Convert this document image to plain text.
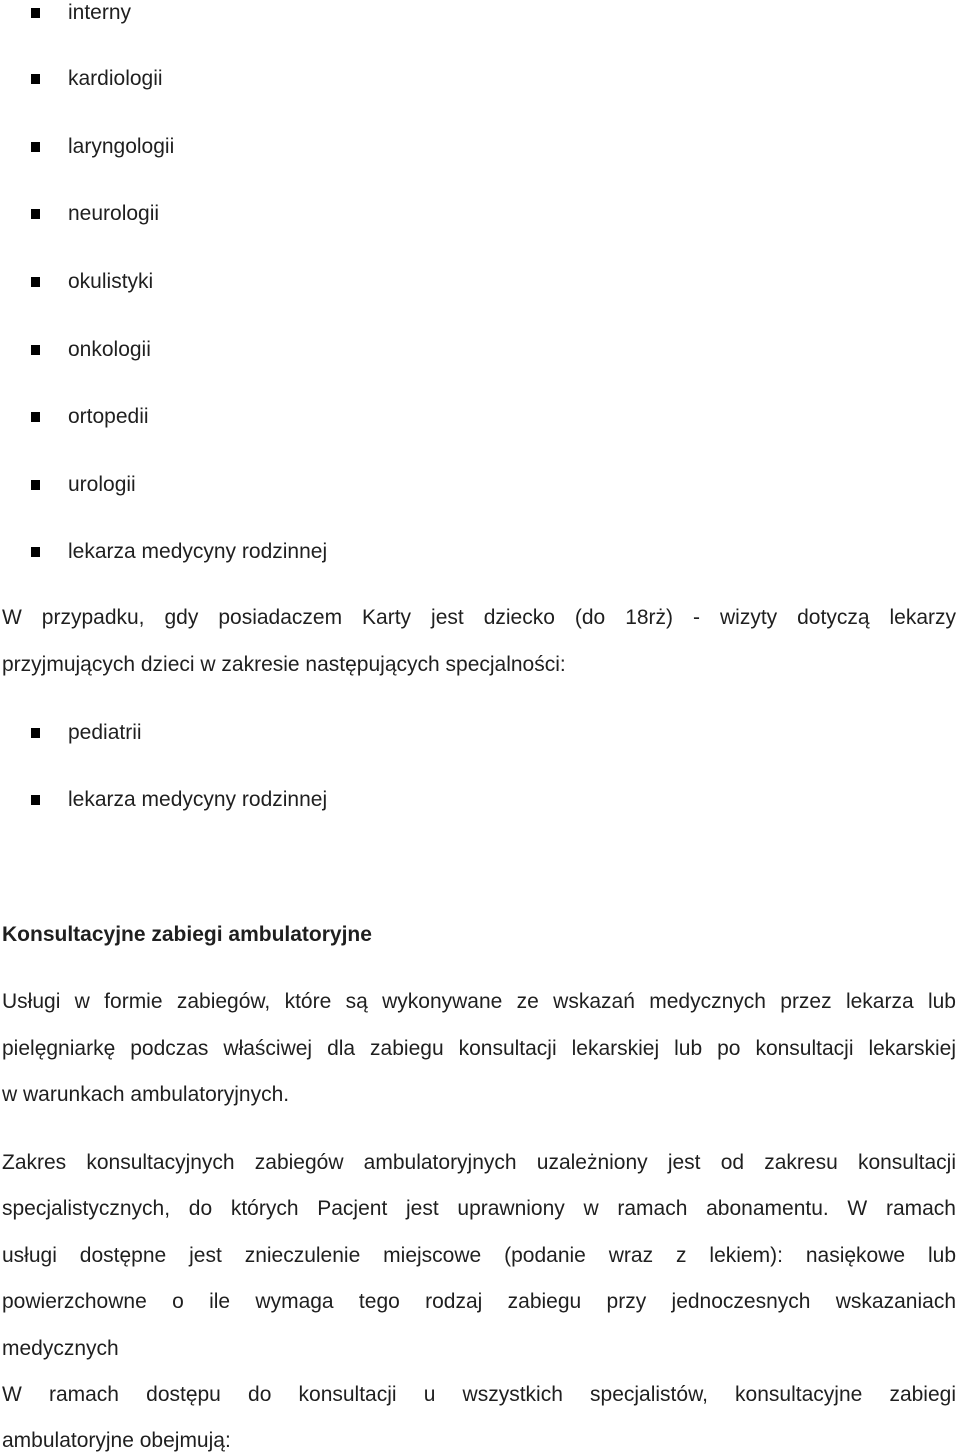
interny
kardiologii
laryngologii
neurologii
okulistyki
onkologii
ortopedii
urologii
lekarza medycyny rodzinnej
W przypadku, gdy posiadaczem Karty jest dziecko (do 18rż) - wizyty dotyczą lekarzy
przyjmujących dzieci w zakresie następujących specjalności:
pediatrii
lekarza medycyny rodzinnej
Konsultacyjne zabiegi ambulatoryjne
Usługi w formie zabiegów, które są wykonywane ze wskazań medycznych przez lekarza lub
pielęgniarkę podczas właściwej dla zabiegu konsultacji lekarskiej lub po konsultacji lekarskiej
w warunkach ambulatoryjnych.
Zakres konsultacyjnych zabiegów ambulatoryjnych uzależniony jest od zakresu konsultacji
specjalistycznych, do których Pacjent jest uprawniony w ramach abonamentu. W ramach
usługi dostępne jest znieczulenie miejscowe (podanie wraz z lekiem): nasiękowe lub
powierzchowne o ile wymaga tego rodzaj zabiegu przy jednoczesnych wskazaniach
medycznych
W ramach dostępu do konsultacji u wszystkich specjalistów, konsultacyjne zabiegi
ambulatoryjne obejmują:
